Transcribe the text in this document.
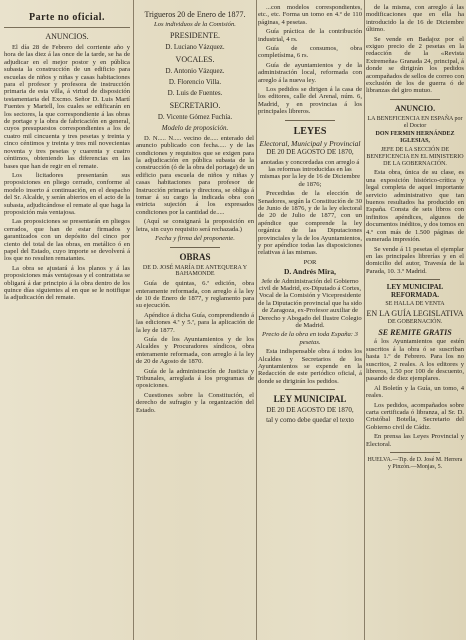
Parte no oficial.
ANUNCIOS.

El día 28 de Febrero del corriente año y hora de las diez á las once de la tarde, se ha de adjudicar en el mejor postor y en pública subasta la construcción de un edificio para escuelas de niños y niñas y casas habitaciones para el profesor y profesora de instrucción primaria de esta villa, á virtud de disposición testamentaria del Excmo. Señor D. Luis Martí Fuentes y Martell, los cuales se edificarán en los sectores, la que correspondiente á las obras de portage y la obra de fabricación en general, cuyos presupuestos correspondientes a los de cuatro mil cincuenta y tres pesetas y treinta y cinco céntimos y treinta y tres mil novecientas noventa y tres pesetas y cuarenta y cuatro céntimos, obteniendo las diferencias en las bases que han de regir en el remate.

Los licitadores presentarán sus proposiciones en pliego cerrado, conforme al modelo inserto á continuación, en el despacho del Sr. Alcalde, y serán abiertos en el acto de la subasta, adjudicándose el remate al que haga la proposición más ventajosa.

Las proposiciones se presentarán en pliegos cerrados, que han de estar firmados y garantizados con un depósito del cinco por ciento del total de las obras, en metálico ó en papel del Estado, cuyo importe se devolverá á los que no resulten rematantes.

La obra se ajustará á los planos y á las proposiciones más ventajosas y el contratista se obligará á dar principio á la obra dentro de los quince días siguientes al en que se le notifique la adjudicación del remate.

Trigueros 20 de Enero de 1877.

Los individuos de la Comisión.

PRESIDENTE.

D. Luciano Vázquez.

VOCALES.

D. Antonio Vázquez.

D. Florencio Villa.

D. Luis de Fuentes.

SECRETARIO.

D. Vicente Gómez Fuchía.

Modelo de proposición.

D. N..... N..... vecino de..... enterado del anuncio publicado con fecha..... y de las condiciones y requisitos que se exigen para la adjudicación en pública subasta de la construcción (ó de la obra del portage) de un edificio para escuela de niños y niñas y casas habitaciones para profesor de Instrucción primaria y directora, se obliga á tomar á su cargo la indicada obra con estricta sujeción á los expresados condiciones por la cantidad de.....

(Aquí se consignará la proposición en letra, sin cuyo requisito será rechazada.)

Fecha y firma del proponente.

OBRAS

DE D. JOSÉ MARÍA DE ANTEQUERA Y BAHAMONDE

Guía de quintas, 6.ª edición, obra enteramente reformada, con arreglo á la ley de 10 de Enero de 1877, y reglamento para su ejecución.

Apéndice á dicha Guía, comprendiendo á las ediciones 4.ª y 5.ª, para la aplicación de la ley de 1877.

Guía de los Ayuntamientos y de los Alcaldes y Procuradores síndicos, obra enteramente reformada, con arreglo á la ley de 20 de Agosto de 1870.

Guía de la administración de Justicia y Tribunales, arreglada á los programas de oposiciones.

Cuestiones sobre la Constitución, el derecho de sufragio y la organización del Estado.

...con modelos correspondientes, etc., etc. Forma un tomo en 4.º de 110 páginas, 4 pesetas.

Guía práctica de la contribución industrial, 4 rs.

Guía de consumos, obra completísima, 6 rs.

Guía de ayuntamientos y de la administración local, reformada con arreglo á la nueva ley.

Los pedidos se dirigen á la casa de los editores, calle del Arenal, núm. 6, Madrid, y en provincias á los principales libreros.

LEYES

Electoral, Municipal y Provincial

DE 20 DE AGOSTO DE 1870,

anotadas y concordadas con arreglo á las reformas introducidas en las mismas por la ley de 16 de Diciembre de 1876;

Precedidas de la elección de Senadores, según la Constitución de 30 de Junio de 1876, y de la ley electoral de 20 de Julio de 1877, con un apéndice que comprende la ley orgánica de las Diputaciones provinciales y la de los Ayuntamientos, y por apéndice todas las disposiciones relativas á las mismas.

POR

D. Andrés Mira,

Jefe de Administración del Gobierno civil de Madrid, ex-Diputado á Cortes, Vocal de la Comisión y Vicepresidente de la Diputación provincial que ha sido de Zaragoza, ex-Profesor auxiliar de Derecho y Abogado del Ilustre Colegio de Madrid.

Precio de la obra en toda España: 3 pesetas.

Esta indispensable obra á todos los Alcaldes y Secretarios de los Ayuntamientos se expende en la Redacción de este periódico oficial, á donde se dirigirán los pedidos.

LEY MUNICIPAL

DE 20 DE AGOSTO DE 1870,

tal y como debe quedar el texto

de la misma, con arreglo á las modificaciones que en ella ha introducido la de 16 de Diciembre último.

Se vende en Badajoz por el exiguo precio de 2 pesetas en la redacción de la «Revista Extremeña» Granada 24, principal, á donde se dirigirán los pedidos acompañados de sellos de correo con exclusión de los de guerra ó de libranzas del giro mutuo.

ANUNCIO.

LA BENEFICENCIA EN ESPAÑA por el Doctor

DON FERMIN HERNÁNDEZ IGLESIAS,

JEFE DE LA SECCIÓN DE BENEFICENCIA EN EL MINISTERIO DE LA GOBERNACIÓN.

Esta obra, única de su clase, es una exposición histórico-crítica y legal completa de aquel importante servicio administrativo que tan buenos resultados ha producido en España. Consta de seis libros con infinitos apéndices, algunos de documentos inéditos, y dos tomos en 4.º con más de 1.500 páginas de esmerada impresión.

Se vende á 11 pesetas el ejemplar en las principales librerías y en el domicilio del autor, Travesía de la Parada, 10. 3.º Madrid.

LEY MUNICIPAL REFORMADA.

SE HALLA DE VENTA

EN LA GUÍA LEGISLATIVA

DE GOBERNACIÓN.

SE REMITE GRATIS

á los Ayuntamientos que estén suscritos á la obra ó se suscriban hasta 1.º de Febrero. Para los no suscritos, 2 reales. A los editores y libreros, 1.50 por 100 de descuento, pasando de diez ejemplares.

Al Boletín y la Guía, un tomo, 4 reales.

Los pedidos, acompañados sobre carta certificada ó libranza, al Sr. D. Cristóbal Botella, Secretario del Gobierno civil de Cádiz.

En prensa las Leyes Provincial y Electoral.

HUELVA.—Tip. de D. José M. Herrera y Pinzón.—Monjas, 5.
